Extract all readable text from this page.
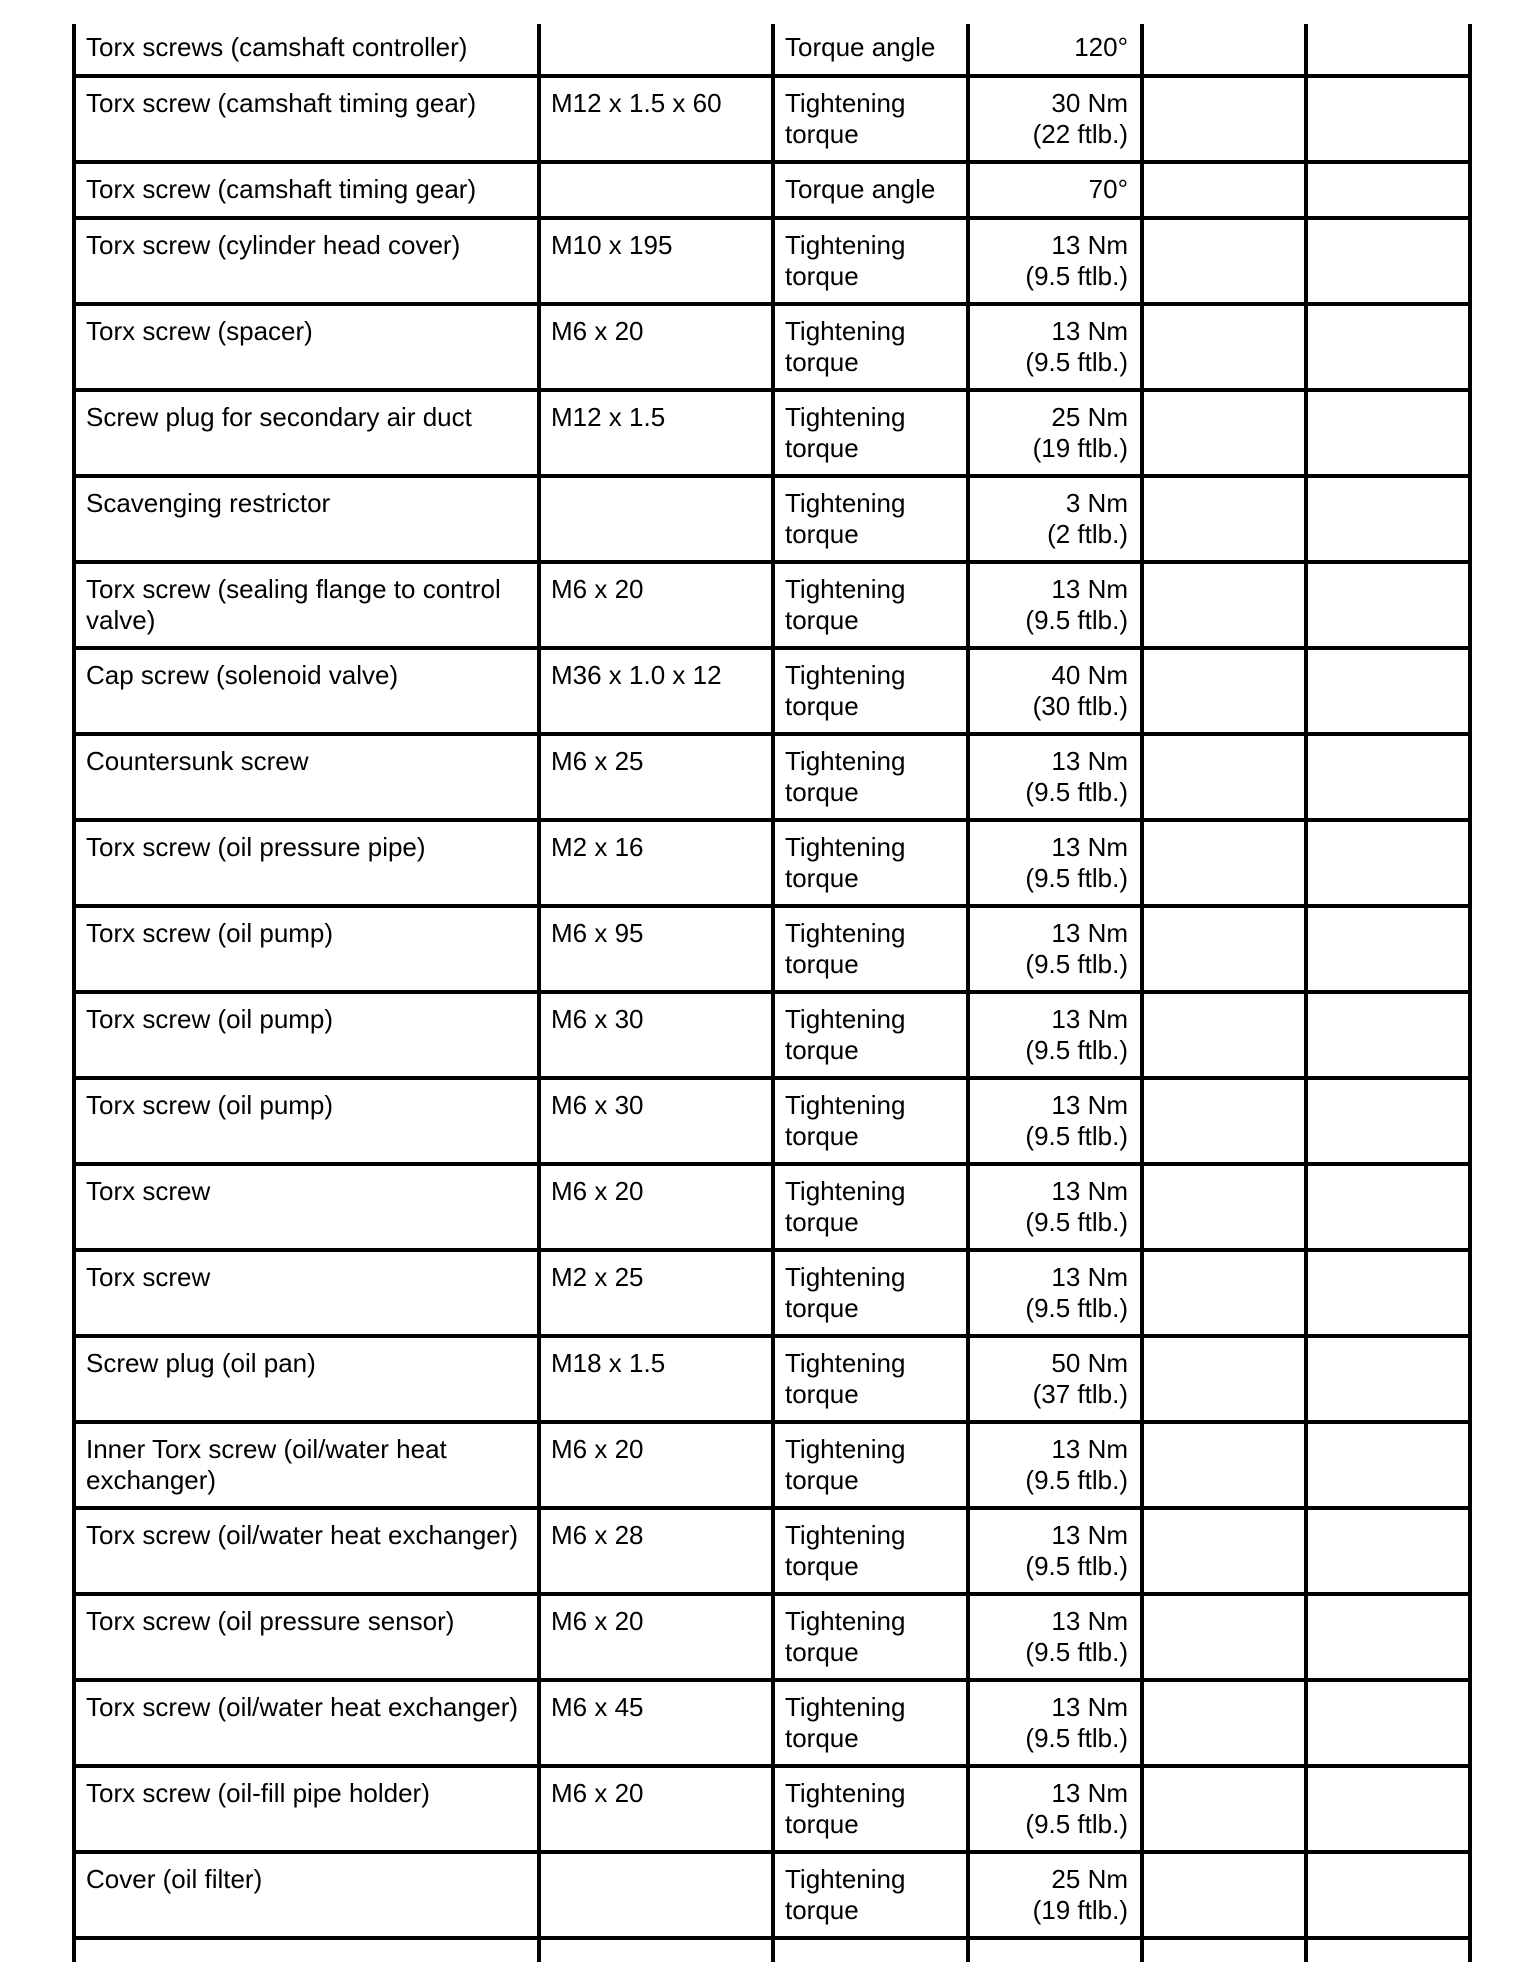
Torx screws (camshaft controller)		Torque angle	120°		

Torx screw (camshaft timing gear)	M12 x 1.5 x 60	Tightening torque	30 Nm
(22 ftlb.)		

Torx screw (camshaft timing gear)		Torque angle	70°		

Torx screw (cylinder head cover)	M10 x 195	Tightening torque	13 Nm
(9.5 ftlb.)		

Torx screw (spacer)	M6 x 20	Tightening torque	13 Nm
(9.5 ftlb.)		

Screw plug for secondary air duct	M12 x 1.5	Tightening torque	25 Nm
(19 ftlb.)		

Scavenging restrictor		Tightening torque	3 Nm
(2 ftlb.)		

Torx screw (sealing flange to control valve)	M6 x 20	Tightening torque	13 Nm
(9.5 ftlb.)		

Cap screw (solenoid valve)	M36 x 1.0 x 12	Tightening torque	40 Nm
(30 ftlb.)		

Countersunk screw	M6 x 25	Tightening torque	13 Nm
(9.5 ftlb.)		

Torx screw (oil pressure pipe)	M2 x 16	Tightening torque	13 Nm
(9.5 ftlb.)		

Torx screw (oil pump)	M6 x 95	Tightening torque	13 Nm
(9.5 ftlb.)		

Torx screw (oil pump)	M6 x 30	Tightening torque	13 Nm
(9.5 ftlb.)		

Torx screw (oil pump)	M6 x 30	Tightening torque	13 Nm
(9.5 ftlb.)		

Torx screw	M6 x 20	Tightening torque	13 Nm
(9.5 ftlb.)		

Torx screw	M2 x 25	Tightening torque	13 Nm
(9.5 ftlb.)		

Screw plug (oil pan)	M18 x 1.5	Tightening torque	50 Nm
(37 ftlb.)		

Inner Torx screw (oil/water heat exchanger)	M6 x 20	Tightening torque	13 Nm
(9.5 ftlb.)		

Torx screw (oil/water heat exchanger)	M6 x 28	Tightening torque	13 Nm
(9.5 ftlb.)		

Torx screw (oil pressure sensor)	M6 x 20	Tightening torque	13 Nm
(9.5 ftlb.)		

Torx screw (oil/water heat exchanger)	M6 x 45	Tightening torque	13 Nm
(9.5 ftlb.)		

Torx screw (oil-fill pipe holder)	M6 x 20	Tightening torque	13 Nm
(9.5 ftlb.)		

Cover (oil filter)		Tightening torque	25 Nm
(19 ftlb.)		
